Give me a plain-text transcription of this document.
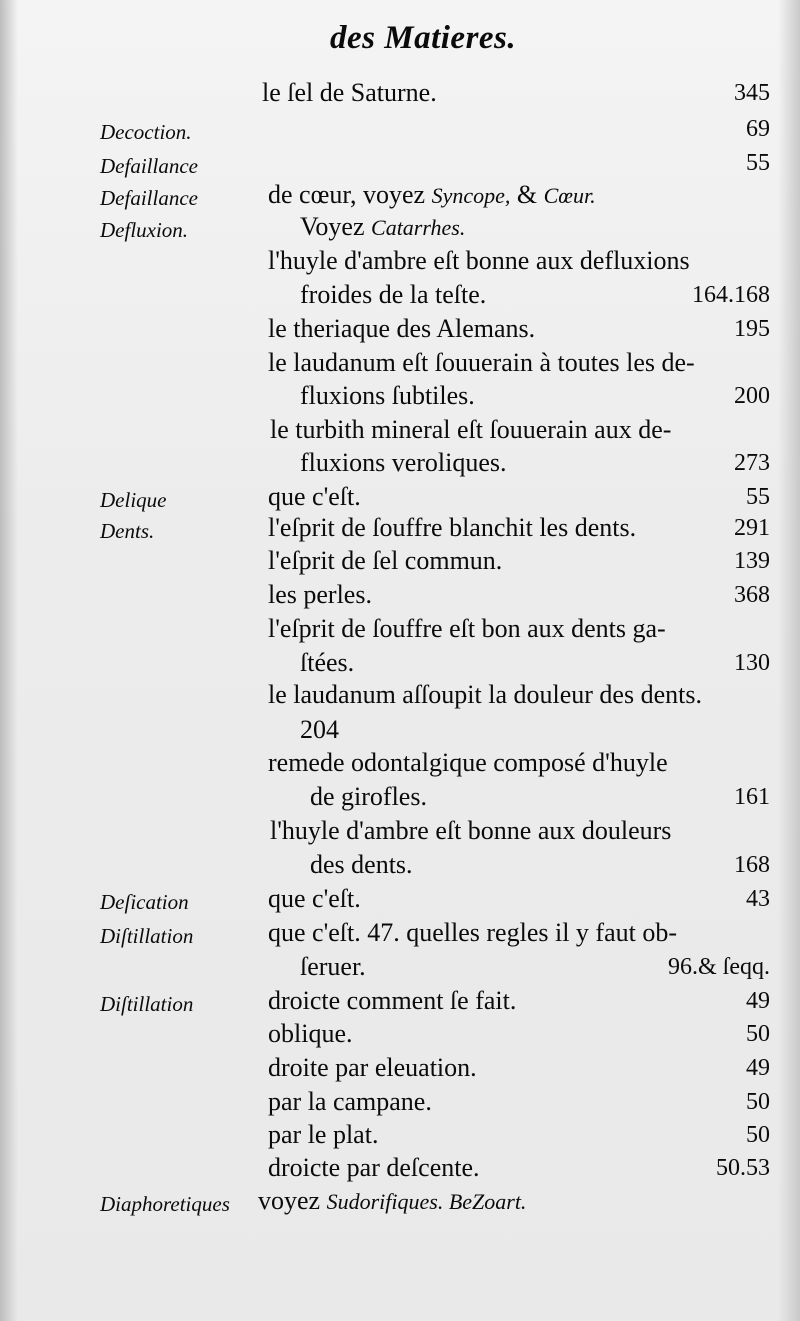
des Matieres.
le ſel de Saturne.	345
Decoction.	69
Defaillance	55
Defaillance	de cœur, voyez Syncope, & Cœur.
Defluxion.	Voyez Catarrhes.
l'huyle d'ambre eſt bonne aux defluxions
froides de la teſte.	164.168
le theriaque des Alemans.	195
le laudanum eſt ſouuerain à toutes les de-
fluxions ſubtiles.	200
le turbith mineral eſt ſouuerain aux de-
fluxions veroliques.	273
Delique	que c'eſt.	55
Dents.	l'eſprit de ſouffre blanchit les dents.	291
l'eſprit de ſel commun.	139
les perles.	368
l'eſprit de ſouffre eſt bon aux dents ga-
ſtées.	130
le laudanum aſſoupit la douleur des dents.
204
remede odontalgique composé d'huyle
de girofles.	161
l'huyle d'ambre eſt bonne aux douleurs
des dents.	168
Deſication	que c'eſt.	43
Diſtillation	que c'eſt. 47. quelles regles il y faut ob-
ſeruer.	96.& ſeqq.
Diſtillation	droicte comment ſe fait.	49
oblique.	50
droite par eleuation.	49
par la campane.	50
par le plat.	50
droicte par deſcente.	50.53
Diaphoretiques voyez Sudorifiques. BeZoart.
